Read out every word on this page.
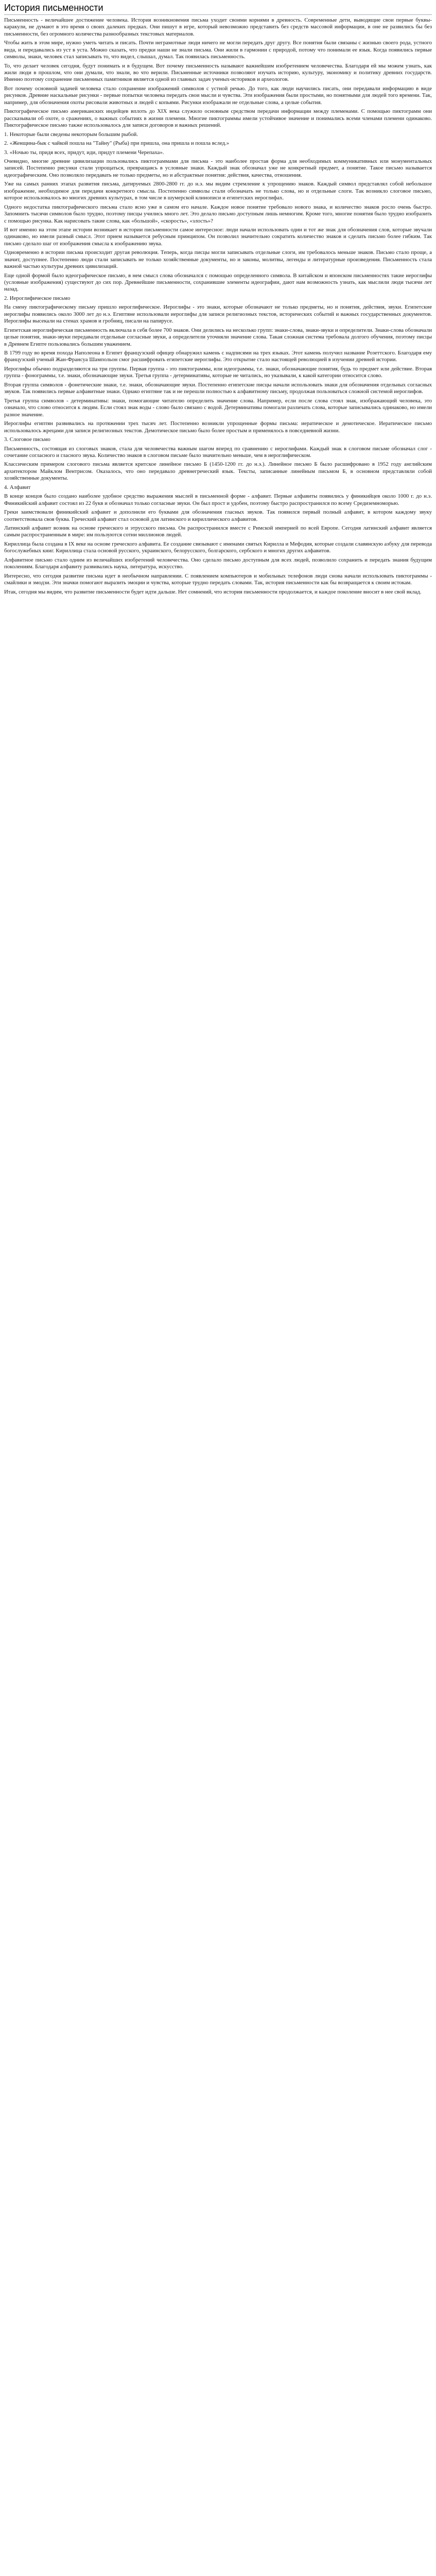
История письменности

Письменность - величайшее достижение человека. История возникновения письма уходит своими корнями в древность. Современные дети, выводящие свои первые буквы-каракули, не думают в это время о своих далеких предках. Они пишут в игре, который невозможно представить без средств массовой информации, в оне не развились бы без письменности, без огромного количества разнообразных текстовых материалов.

Чтобы жить в этом мире, нужно уметь читать и писать. Почти неграмотные люди ничего не могли передать друг другу. Все понятия были связаны с жизнью своего рода, устного вида, и передавались из уст в уста. Можно сказать, что предки наши не знали письма. Они жили в гармонии с природой, потому что понимали ее язык. Когда появились первые символы, знаки, человек стал записывать то, что видел, слышал, думал. Так появилась письменность.

То, что делает человек сегодня, будут понимать и в будущем. Вот почему письменность называют важнейшим изобретением человечества. Благодаря ей мы можем узнать, как жили люди в прошлом, что они думали, что знали, во что верили. Письменные источники позволяют изучать историю, культуру, экономику и политику древних государств. Именно поэтому сохранение письменных памятников является одной из главных задач ученых-историков и археологов.

Вот почему основной задачей человека стало сохранение изображений символов с устной речью. До того, как люди научились писать, они передавали информацию в виде рисунков. Древние наскальные рисунки - первые попытки человека передать свои мысли и чувства. Эти изображения были простыми, но понятными для людей того времени. Так, например, для обозначения охоты рисовали животных и людей с копьями. Рисунки изображали не отдельные слова, а целые события.

Пиктографическое письмо американских индейцев вплоть до XIX века служило основным средством передачи информации между племенами. С помощью пиктограмм они рассказывали об охоте, о сражениях, о важных событиях в жизни племени. Многие пиктограммы имели устойчивое значение и понимались всеми членами племени одинаково. Пиктографическое письмо также использовалось для записи договоров и важных решений.

1. Некоторые были сведены некоторым большим рыбой.

2. «Женщина-бык с чайкой пошла на "Тайну" (Рыба) при пришла, она пришла и пошла вслед.»

3. «Ночью ты, придя всех, придут, иди, придут племени Черепаха».

Очевидно, многие древние цивилизации пользовались пиктограммами для письма - это наиболее простая форма для необходимых коммуникативных или монументальных записей. Постепенно рисунки стали упрощаться, превращаясь в условные знаки. Каждый знак обозначал уже не конкретный предмет, а понятие. Такое письмо называется идеографическим. Оно позволяло передавать не только предметы, но и абстрактные понятия: действия, качества, отношения.

Уже на самых ранних этапах развития письма, датируемых 2800-2800 гг. до н.э. мы видим стремление к упрощению знаков. Каждый символ представлял собой небольшое изображение, необходимое для передачи конкретного смысла. Постепенно символы стали обозначать не только слова, но и отдельные слоги. Так возникло слоговое письмо, которое использовалось во многих древних культурах, в том числе в шумерской клинописи и египетских иероглифах.

Одного недостатка пиктографического письма стало ясно уже в самом его начале. Каждое новое понятие требовало нового знака, и количество знаков росло очень быстро. Запомнить тысячи символов было трудно, поэтому писцы учились много лет. Это делало письмо доступным лишь немногим. Кроме того, многие понятия было трудно изобразить с помощью рисунка. Как нарисовать такие слова, как «большой», «скорость», «злость»?

И вот именно на этом этапе истории возникает в истории письменности самое интересное: люди начали использовать один и тот же знак для обозначения слов, которые звучали одинаково, но имели разный смысл. Этот прием называется ребусным принципом. Он позволил значительно сократить количество знаков и сделать письмо более гибким. Так письмо сделало шаг от изображения смысла к изображению звука.

Одновременно в истории письма происходит другая революция. Теперь, когда писцы могли записывать отдельные слоги, им требовалось меньше знаков. Письмо стало проще, а значит, доступнее. Постепенно люди стали записывать не только хозяйственные документы, но и законы, молитвы, легенды и литературные произведения. Письменность стала важной частью культуры древних цивилизаций.

Еще одной формой было идеографическое письмо, в нем смысл слова обозначался с помощью определенного символа. В китайском и японском письменностях такие иероглифы (условные изображения) существуют до сих пор. Древнейшие письменности, сохранившие элементы идеографии, дают нам возможность узнать, как мыслили люди тысячи лет назад.

2. Иероглифическое письмо

На смену пиктографическому письму пришло иероглифическое. Иероглифы - это знаки, которые обозначают не только предметы, но и понятия, действия, звуки. Египетские иероглифы появились около 3000 лет до н.э. Египтяне использовали иероглифы для записи религиозных текстов, исторических событий и важных государственных документов. Иероглифы высекали на стенах храмов и гробниц, писали на папирусе.

Египетская иероглифическая письменность включала в себя более 700 знаков. Они делились на несколько групп: знаки-слова, знаки-звуки и определители. Знаки-слова обозначали целые понятия, знаки-звуки передавали отдельные согласные звуки, а определители уточняли значение слова. Такая сложная система требовала долгого обучения, поэтому писцы в Древнем Египте пользовались большим уважением.

В 1799 году во время похода Наполеона в Египет французский офицер обнаружил камень с надписями на трех языках. Этот камень получил название Розеттского. Благодаря ему французский ученый Жан-Франсуа Шампольон смог расшифровать египетские иероглифы. Это открытие стало настоящей революцией в изучении древней истории.

Иероглифы обычно подразделяются на три группы. Первая группа - это пиктограммы, или идеограммы, т.е. знаки, обозначающие понятия, будь то предмет или действие. Вторая группа - фонограммы, т.е. знаки, обозначающие звуки. Третья группа - детерминативы, которые не читались, но указывали, к какой категории относится слово.

Вторая группа символов - фонетические знаки, т.е. знаки, обозначающие звуки. Постепенно египетские писцы начали использовать знаки для обозначения отдельных согласных звуков. Так появились первые алфавитные знаки. Однако египтяне так и не перешли полностью к алфавитному письму, продолжая пользоваться сложной системой иероглифов.

Третья группа символов - детерминативы: знаки, помогающие читателю определить значение слова. Например, если после слова стоял знак, изображающий человека, это означало, что слово относится к людям. Если стоял знак воды - слово было связано с водой. Детерминативы помогали различать слова, которые записывались одинаково, но имели разное значение.

Иероглифы египтян развивались на протяжении трех тысяч лет. Постепенно возникли упрощенные формы письма: иератическое и демотическое. Иератическое письмо использовалось жрецами для записи религиозных текстов. Демотическое письмо было более простым и применялось в повседневной жизни.

3. Слоговое письмо

Письменность, состоящая из слоговых знаков, стала для человечества важным шагом вперед по сравнению с иероглифами. Каждый знак в слоговом письме обозначал слог - сочетание согласного и гласного звука. Количество знаков в слоговом письме было значительно меньше, чем в иероглифическом.

Классическим примером слогового письма является критское линейное письмо Б (1450-1200 гг. до н.э.). Линейное письмо Б было расшифровано в 1952 году английским архитектором Майклом Вентрисом. Оказалось, что оно передавало древнегреческий язык. Тексты, записанные линейным письмом Б, в основном представляли собой хозяйственные документы.

4. Алфавит

В конце концов было создано наиболее удобное средство выражения мыслей в письменной форме - алфавит. Первые алфавиты появились у финикийцев около 1000 г. до н.э. Финикийский алфавит состоял из 22 букв и обозначал только согласные звуки. Он был прост и удобен, поэтому быстро распространился по всему Средиземноморью.

Греки заимствовали финикийский алфавит и дополнили его буквами для обозначения гласных звуков. Так появился первый полный алфавит, в котором каждому звуку соответствовала своя буква. Греческий алфавит стал основой для латинского и кириллического алфавитов.

Латинский алфавит возник на основе греческого и этрусского письма. Он распространился вместе с Римской империей по всей Европе. Сегодня латинский алфавит является самым распространенным в мире: им пользуются сотни миллионов людей.

Кириллица была создана в IX веке на основе греческого алфавита. Ее создание связывают с именами святых Кирилла и Мефодия, которые создали славянскую азбуку для перевода богослужебных книг. Кириллица стала основой русского, украинского, белорусского, болгарского, сербского и многих других алфавитов.

Алфавитное письмо стало одним из величайших изобретений человечества. Оно сделало письмо доступным для всех людей, позволило сохранить и передать знания будущим поколениям. Благодаря алфавиту развивались наука, литература, искусство.

Интересно, что сегодня развитие письма идет в необычном направлении. С появлением компьютеров и мобильных телефонов люди снова начали использовать пиктограммы - смайлики и эмодзи. Эти значки помогают выразить эмоции и чувства, которые трудно передать словами. Так, история письменности как бы возвращается к своим истокам.

Итак, сегодня мы видим, что развитие письменности будет идти дальше. Нет сомнений, что история письменности продолжается, и каждое поколение вносит в нее свой вклад.
